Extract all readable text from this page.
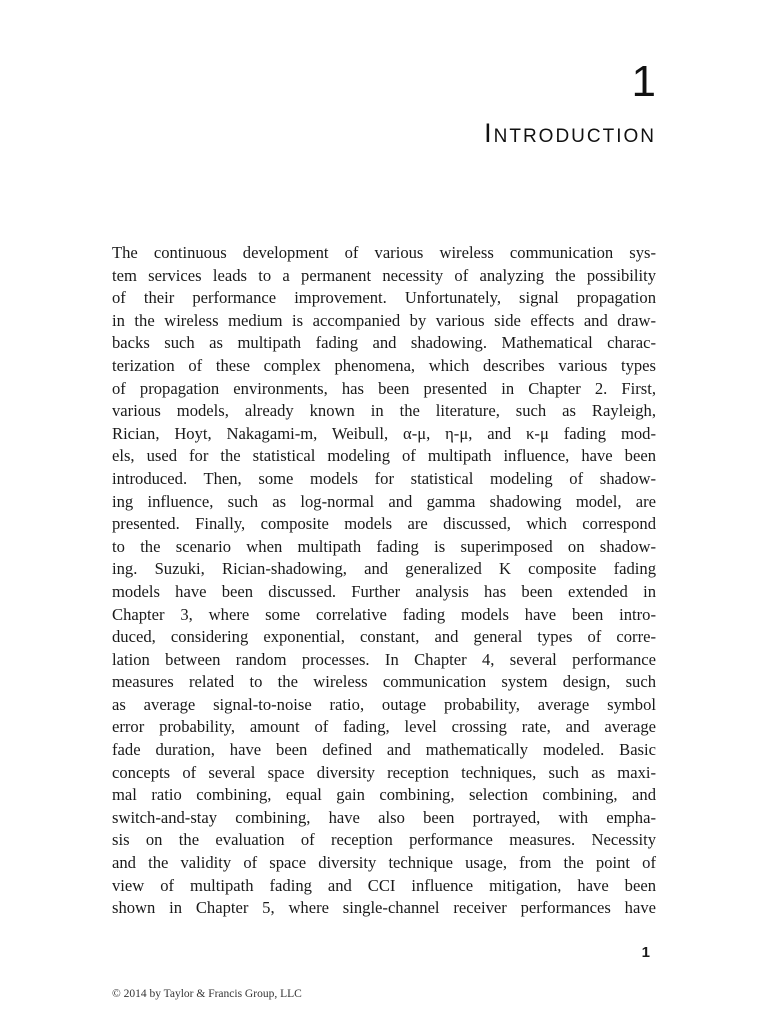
1
Introduction

The continuous development of various wireless communication sys-
tem services leads to a permanent necessity of analyzing the possibility
of their performance improvement. Unfortunately, signal propagation
in the wireless medium is accompanied by various side effects and draw-
backs such as multipath fading and shadowing. Mathematical charac-
terization of these complex phenomena, which describes various types
of propagation environments, has been presented in Chapter 2. First,
various models, already known in the literature, such as Rayleigh,
Rician, Hoyt, Nakagami-m, Weibull, α-μ, η-μ, and κ-μ fading mod-
els, used for the statistical modeling of multipath influence, have been
introduced. Then, some models for statistical modeling of shadow-
ing influence, such as log-normal and gamma shadowing model, are
presented. Finally, composite models are discussed, which correspond
to the scenario when multipath fading is superimposed on shadow-
ing. Suzuki, Rician-shadowing, and generalized K composite fading
models have been discussed. Further analysis has been extended in
Chapter 3, where some correlative fading models have been intro-
duced, considering exponential, constant, and general types of corre-
lation between random processes. In Chapter 4, several performance
measures related to the wireless communication system design, such
as average signal-to-noise ratio, outage probability, average symbol
error probability, amount of fading, level crossing rate, and average
fade duration, have been defined and mathematically modeled. Basic
concepts of several space diversity reception techniques, such as maxi-
mal ratio combining, equal gain combining, selection combining, and
switch-and-stay combining, have also been portrayed, with empha-
sis on the evaluation of reception performance measures. Necessity
and the validity of space diversity technique usage, from the point of
view of multipath fading and CCI influence mitigation, have been
shown in Chapter 5, where single-channel receiver performances have

1
© 2014 by Taylor & Francis Group, LLC
